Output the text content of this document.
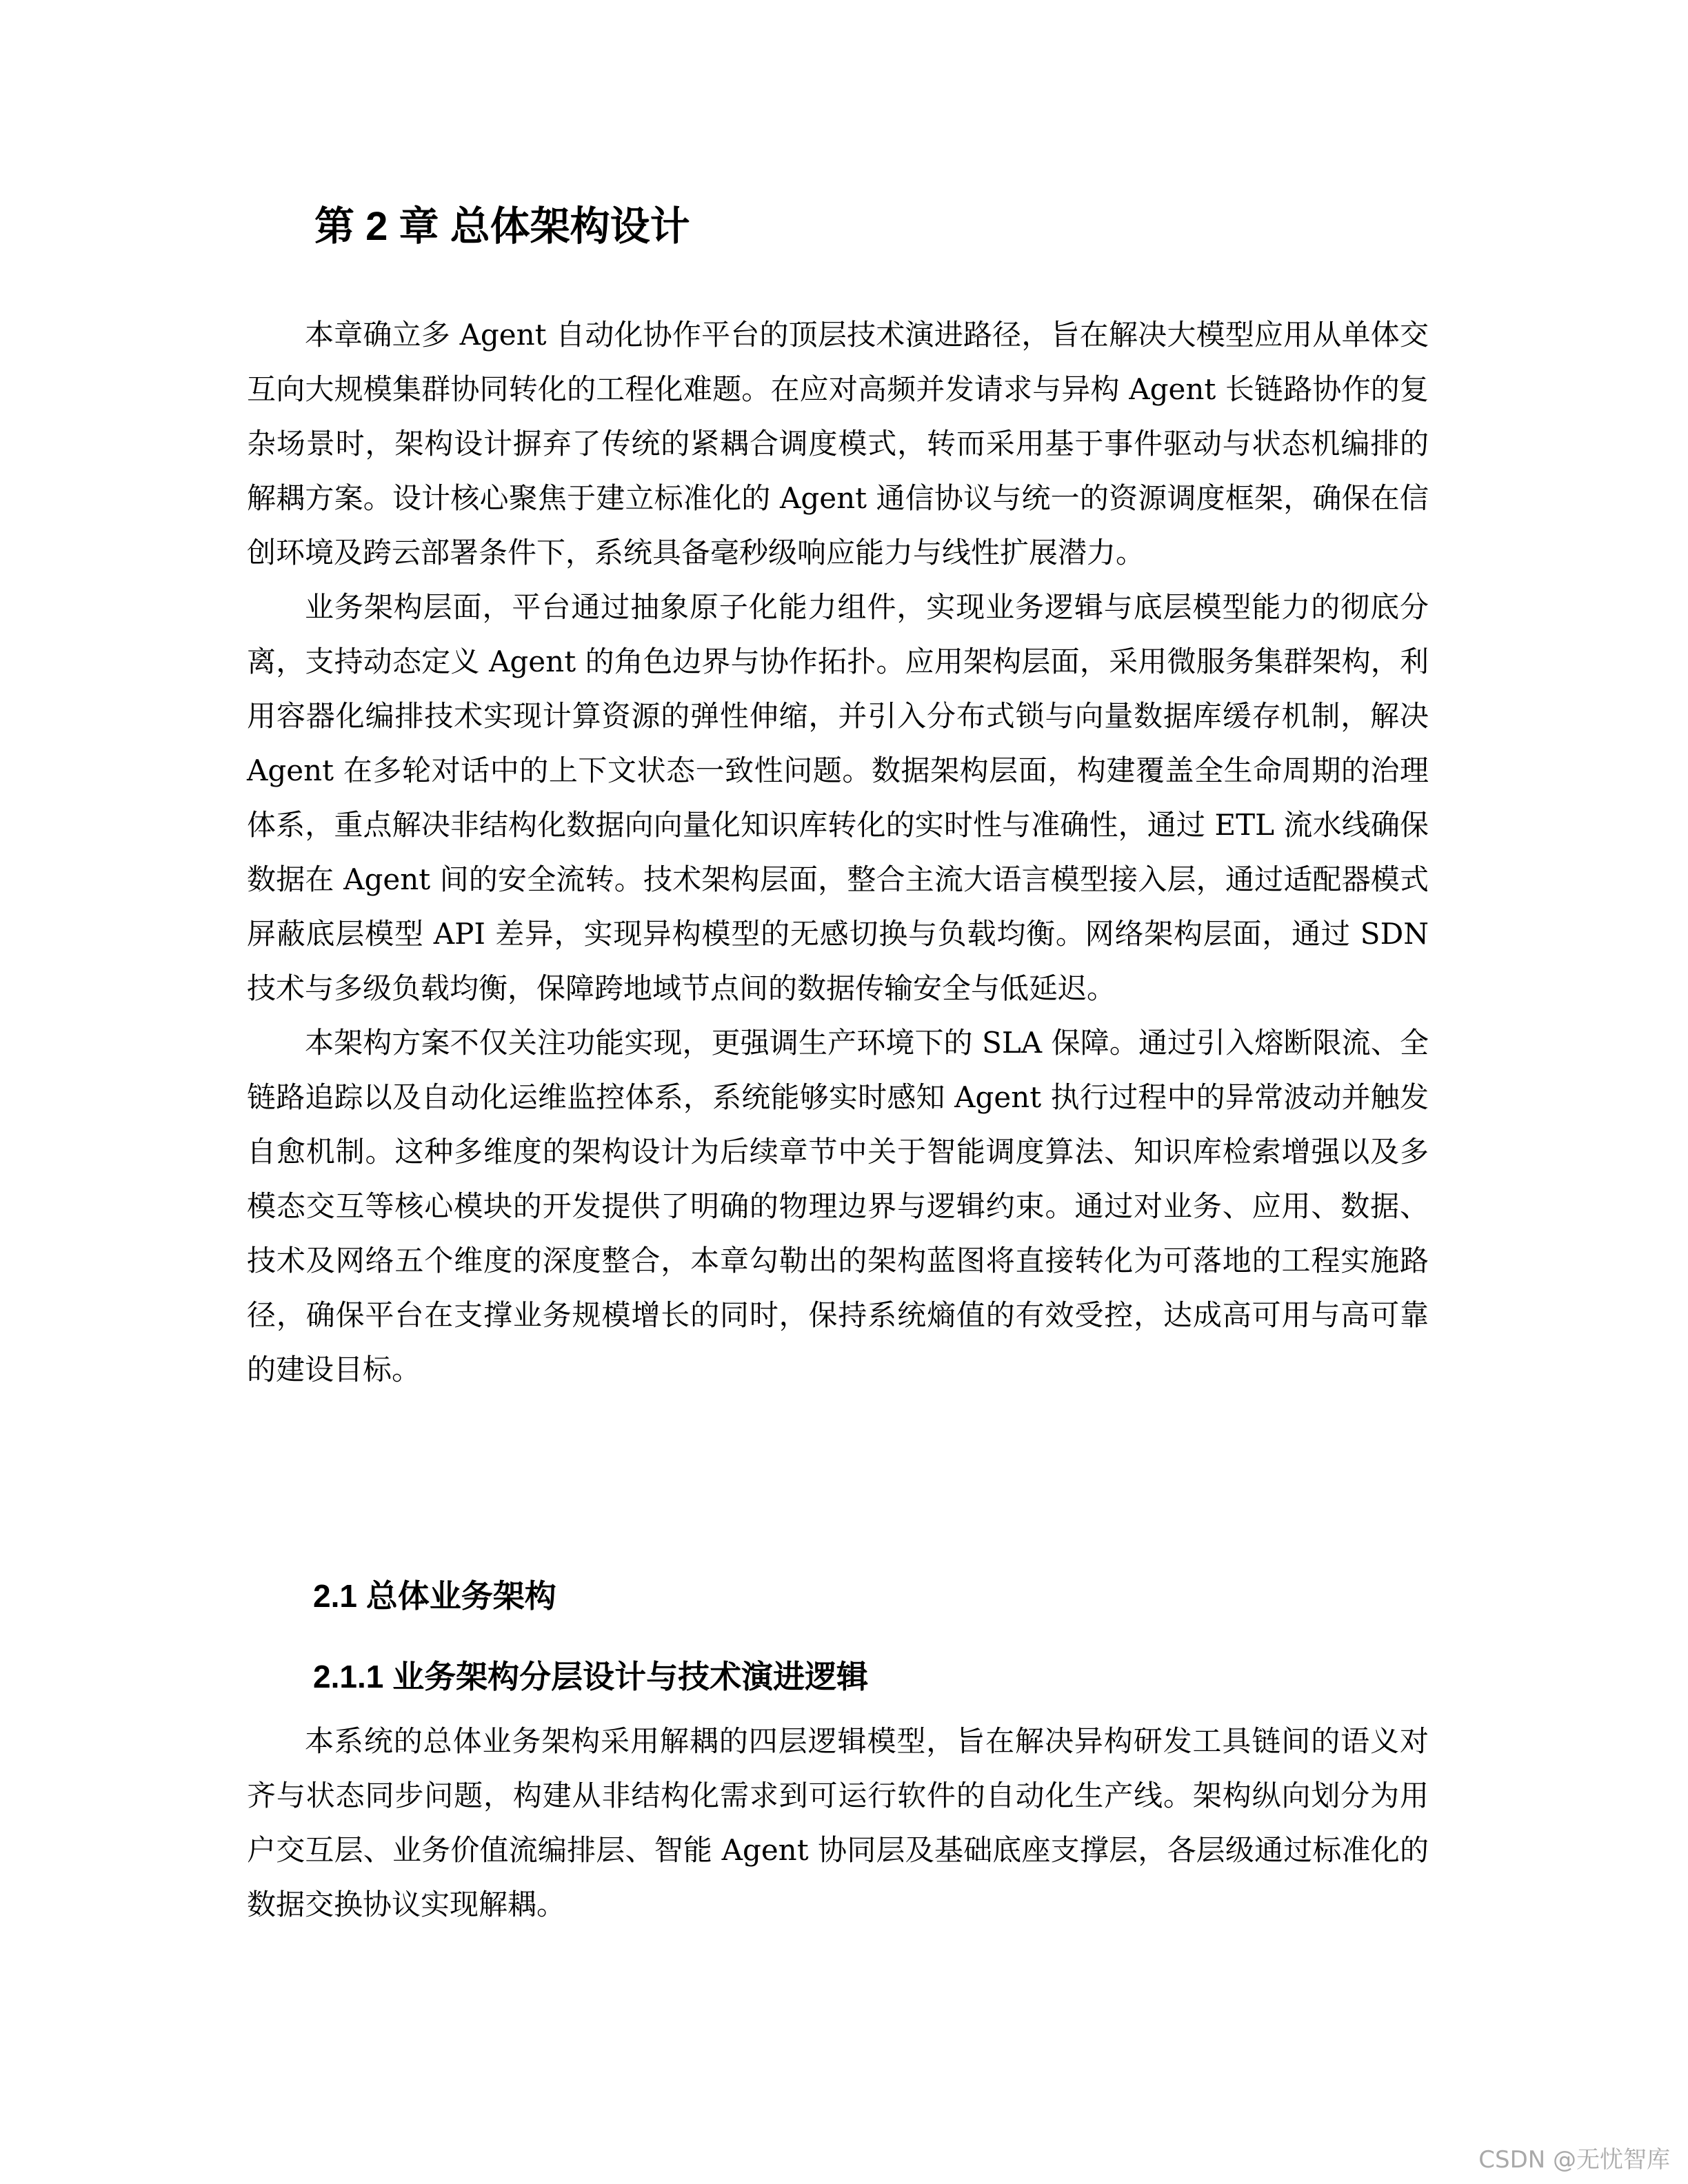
第 2 章 总体架构设计

本章确立多 Agent 自动化协作平台的顶层技术演进路径，旨在解决大模型应用从单体交互向大规模集群协同转化的工程化难题。在应对高频并发请求与异构 Agent 长链路协作的复杂场景时，架构设计摒弃了传统的紧耦合调度模式，转而采用基于事件驱动与状态机编排的解耦方案。设计核心聚焦于建立标准化的 Agent 通信协议与统一的资源调度框架，确保在信创环境及跨云部署条件下，系统具备毫秒级响应能力与线性扩展潜力。

业务架构层面，平台通过抽象原子化能力组件，实现业务逻辑与底层模型能力的彻底分离，支持动态定义 Agent 的角色边界与协作拓扑。应用架构层面，采用微服务集群架构，利用容器化编排技术实现计算资源的弹性伸缩，并引入分布式锁与向量数据库缓存机制，解决 Agent 在多轮对话中的上下文状态一致性问题。数据架构层面，构建覆盖全生命周期的治理体系，重点解决非结构化数据向向量化知识库转化的实时性与准确性，通过 ETL 流水线确保数据在 Agent 间的安全流转。技术架构层面，整合主流大语言模型接入层，通过适配器模式屏蔽底层模型 API 差异，实现异构模型的无感切换与负载均衡。网络架构层面，通过 SDN 技术与多级负载均衡，保障跨地域节点间的数据传输安全与低延迟。

本架构方案不仅关注功能实现，更强调生产环境下的 SLA 保障。通过引入熔断限流、全链路追踪以及自动化运维监控体系，系统能够实时感知 Agent 执行过程中的异常波动并触发自愈机制。这种多维度的架构设计为后续章节中关于智能调度算法、知识库检索增强以及多模态交互等核心模块的开发提供了明确的物理边界与逻辑约束。通过对业务、应用、数据、技术及网络五个维度的深度整合，本章勾勒出的架构蓝图将直接转化为可落地的工程实施路径，确保平台在支撑业务规模增长的同时，保持系统熵值的有效受控，达成高可用与高可靠的建设目标。

2.1 总体业务架构
2.1.1 业务架构分层设计与技术演进逻辑

本系统的总体业务架构采用解耦的四层逻辑模型，旨在解决异构研发工具链间的语义对齐与状态同步问题，构建从非结构化需求到可运行软件的自动化生产线。架构纵向划分为用户交互层、业务价值流编排层、智能 Agent 协同层及基础底座支撑层，各层级通过标准化的数据交换协议实现解耦。

CSDN @无忧智库
